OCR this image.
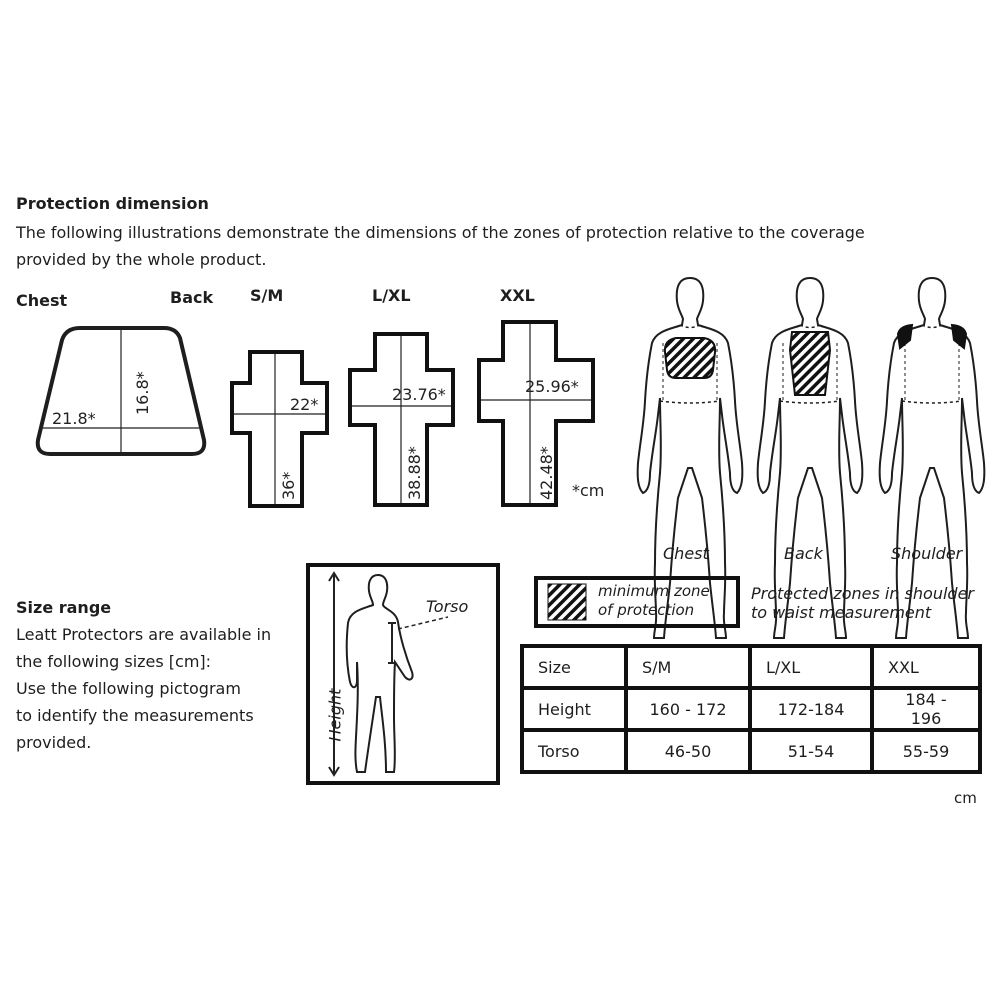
Protection dimension
The following illustrations demonstrate the dimensions of the zones of protection relative to the coverage
provided by the whole product.
Chest	Back S/M	L/XL	XXL
21.8*
16.8*	22*
36*
23.76*
38.88*
25.96*
42.48* *cm
Chest	Back	Shoulder
Size range
Leatt Protectors are available in
the following sizes [cm]:
Use the following pictogram
to identify the measurements
provided.
Torso
Height
minimum zone
of protection
Protected zones in shoulder
to waist measurement
Size	S/M	L/XL	XXL
Height	160 - 172	172-184	184 - 196
Torso	46-50	51-54	55-59
cm
